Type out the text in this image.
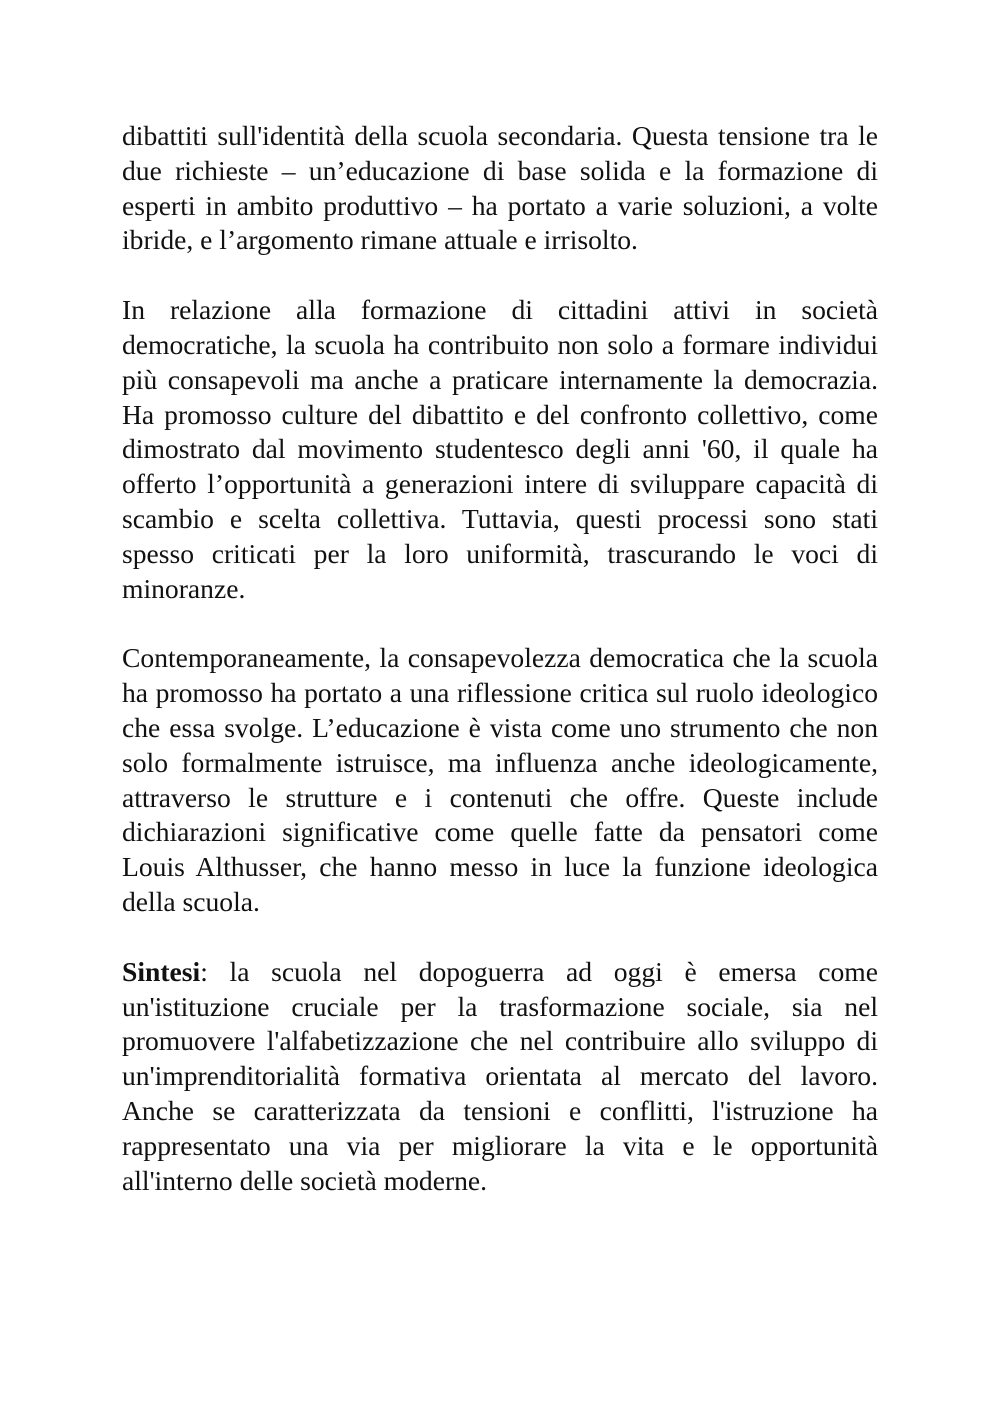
dibattiti sull'identità della scuola secondaria. Questa tensione tra le due richieste – un’educazione di base solida e la formazione di esperti in ambito produttivo – ha portato a varie soluzioni, a volte ibride, e l’argomento rimane attuale e irrisolto.

In relazione alla formazione di cittadini attivi in società democratiche, la scuola ha contribuito non solo a formare individui più consapevoli ma anche a praticare internamente la democrazia. Ha promosso culture del dibattito e del confronto collettivo, come dimostrato dal movimento studentesco degli anni '60, il quale ha offerto l’opportunità a generazioni intere di sviluppare capacità di scambio e scelta collettiva. Tuttavia, questi processi sono stati spesso criticati per la loro uniformità, trascurando le voci di minoranze.

Contemporaneamente, la consapevolezza democratica che la scuola ha promosso ha portato a una riflessione critica sul ruolo ideologico che essa svolge. L’educazione è vista come uno strumento che non solo formalmente istruisce, ma influenza anche ideologicamente, attraverso le strutture e i contenuti che offre. Queste include dichiarazioni significative come quelle fatte da pensatori come Louis Althusser, che hanno messo in luce la funzione ideologica della scuola.

Sintesi: la scuola nel dopoguerra ad oggi è emersa come un'istituzione cruciale per la trasformazione sociale, sia nel promuovere l'alfabetizzazione che nel contribuire allo sviluppo di un'imprenditorialità formativa orientata al mercato del lavoro. Anche se caratterizzata da tensioni e conflitti, l'istruzione ha rappresentato una via per migliorare la vita e le opportunità all'interno delle società moderne.
